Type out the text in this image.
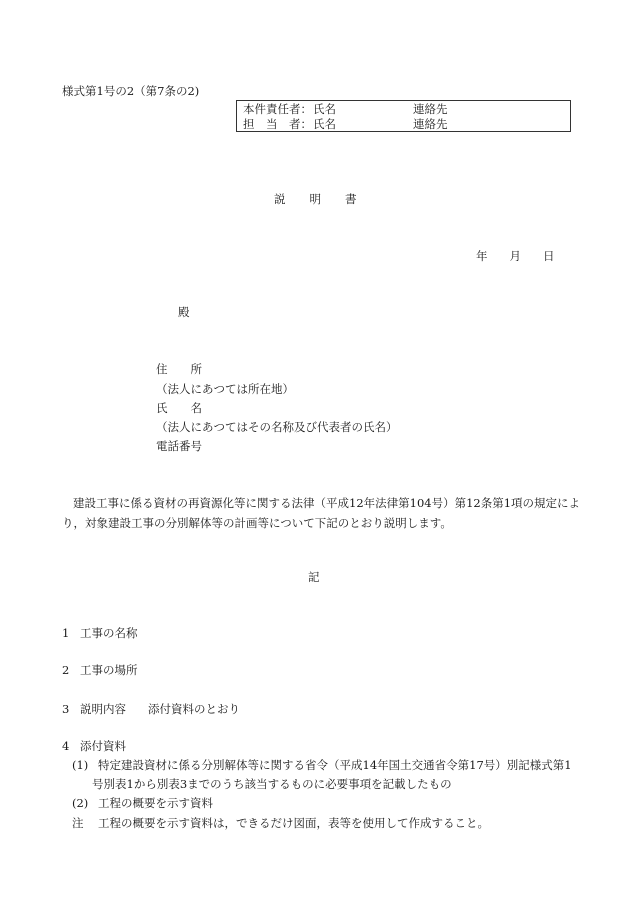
様式第1号の2（第7条の2)
本件責任者： 氏名	連絡先
担　当　者： 氏名	連絡先
説 明 書
年 月 日
殿
住　　所
（法人にあつては所在地）
氏　　名
（法人にあつてはその名称及び代表者の氏名）
電話番号

建設工事に係る資材の再資源化等に関する法律（平成12年法律第104号）第12条第1項の規定によ

り，対象建設工事の分別解体等の計画等について下記のとおり説明します。

記
1 工事の名称
2 工事の場所
3 説明内容 添付資料のとおり
4 添付資料
(1) 特定建設資材に係る分別解体等に関する省令（平成14年国土交通省令第17号）別記様式第1
号別表1から別表3までのうち該当するものに必要事項を記載したもの
(2) 工程の概要を示す資料
注 工程の概要を示す資料は，できるだけ図面，表等を使用して作成すること。
